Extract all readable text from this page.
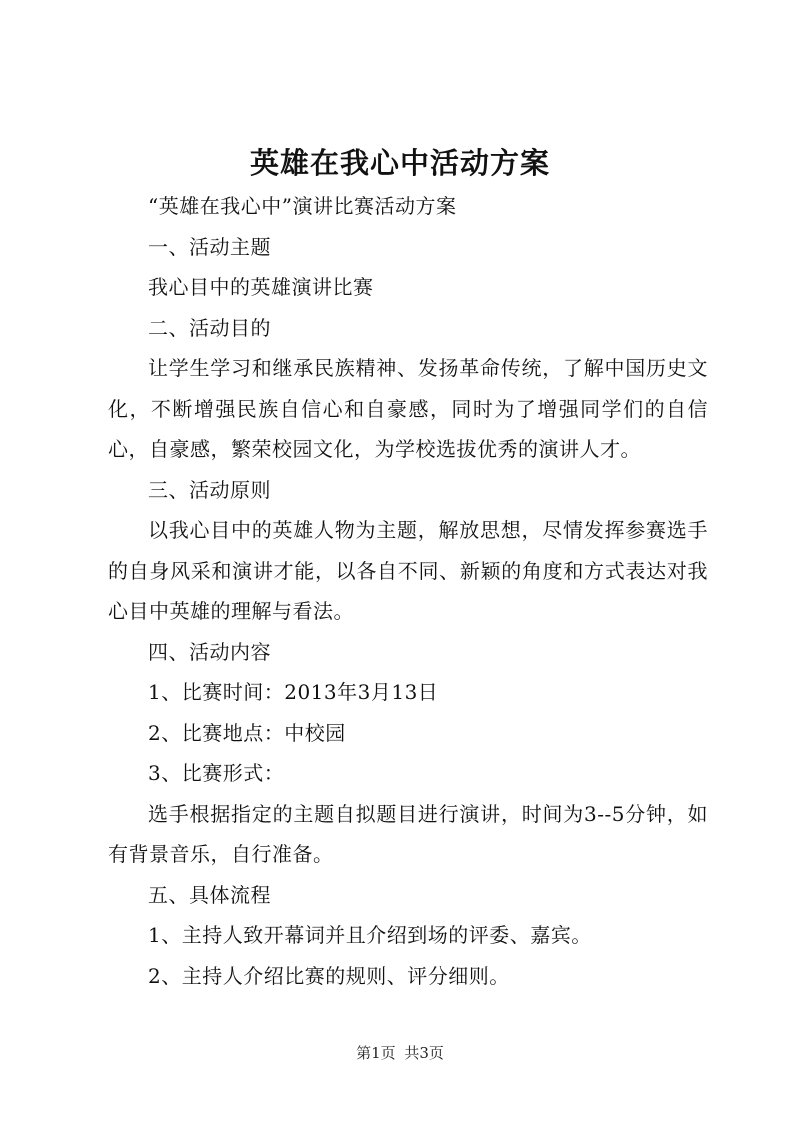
英雄在我心中活动方案

“英雄在我心中”演讲比赛活动方案

一、活动主题

我心目中的英雄演讲比赛

二、活动目的

让学生学习和继承民族精神、发扬革命传统，了解中国历史文化，不断增强民族自信心和自豪感，同时为了增强同学们的自信心，自豪感，繁荣校园文化，为学校选拔优秀的演讲人才。

三、活动原则

以我心目中的英雄人物为主题，解放思想，尽情发挥参赛选手的自身风采和演讲才能，以各自不同、新颖的角度和方式表达对我心目中英雄的理解与看法。

四、活动内容

1、比赛时间：2013年3月13日

2、比赛地点：中校园

3、比赛形式：

选手根据指定的主题自拟题目进行演讲，时间为3--5分钟，如有背景音乐，自行准备。

五、具体流程

1、主持人致开幕词并且介绍到场的评委、嘉宾。

2、主持人介绍比赛的规则、评分细则。

第1页 共3页
